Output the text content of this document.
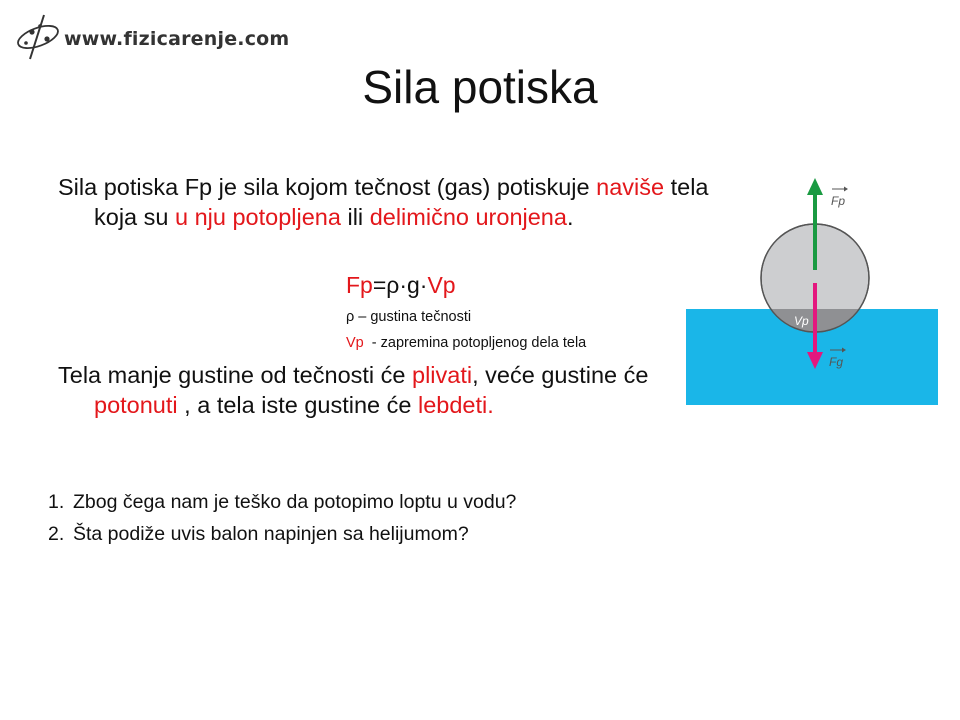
www.fizicarenje.com
Sila potiska
Sila potiska Fp je sila kojom tečnost (gas) potiskuje naviše tela koja su u nju potopljena ili delimično uronjena.
Fp=ρ·g·Vp
ρ – gustina tečnosti
Vp  - zapremina potopljenog dela tela
Tela manje gustine od tečnosti će plivati, veće gustine će potonuti , a tela iste gustine će lebdeti.
1. Zbog čega nam je teško da potopimo loptu u vodu?
2. Šta podiže uvis balon napinjen sa helijumom?
Fp
Fg
Vp
